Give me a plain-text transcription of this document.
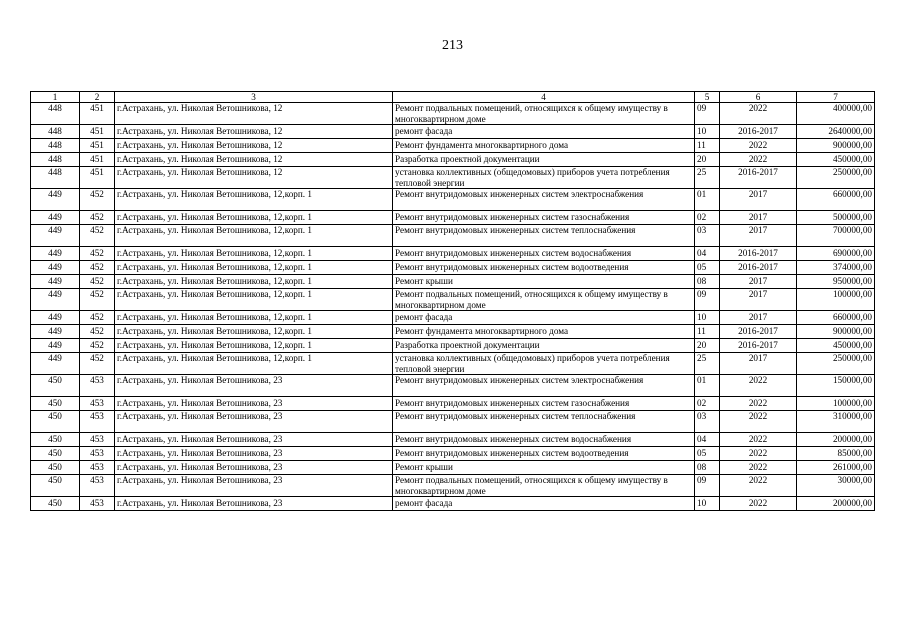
213
1	2	3	4	5	6	7
448	451	г.Астрахань, ул. Николая Ветошникова, 12	Ремонт подвальных помещений, относящихся к общему имуществу в многоквартирном доме	09	2022	400000,00
448	451	г.Астрахань, ул. Николая Ветошникова, 12	ремонт фасада	10	2016-2017	2640000,00
448	451	г.Астрахань, ул. Николая Ветошникова, 12	Ремонт фундамента многоквартирного дома	11	2022	900000,00
448	451	г.Астрахань, ул. Николая Ветошникова, 12	Разработка проектной документации	20	2022	450000,00
448	451	г.Астрахань, ул. Николая Ветошникова, 12	установка коллективных (общедомовых) приборов учета потребления тепловой энергии	25	2016-2017	250000,00
449	452	г.Астрахань, ул. Николая Ветошникова, 12,корп. 1	Ремонт внутридомовых инженерных систем электроснабжения	01	2017	660000,00
449	452	г.Астрахань, ул. Николая Ветошникова, 12,корп. 1	Ремонт внутридомовых инженерных систем газоснабжения	02	2017	500000,00
449	452	г.Астрахань, ул. Николая Ветошникова, 12,корп. 1	Ремонт внутридомовых инженерных систем теплоснабжения	03	2017	700000,00
449	452	г.Астрахань, ул. Николая Ветошникова, 12,корп. 1	Ремонт внутридомовых инженерных систем водоснабжения	04	2016-2017	690000,00
449	452	г.Астрахань, ул. Николая Ветошникова, 12,корп. 1	Ремонт внутридомовых инженерных систем водоотведения	05	2016-2017	374000,00
449	452	г.Астрахань, ул. Николая Ветошникова, 12,корп. 1	Ремонт крыши	08	2017	950000,00
449	452	г.Астрахань, ул. Николая Ветошникова, 12,корп. 1	Ремонт подвальных помещений, относящихся к общему имуществу в многоквартирном доме	09	2017	100000,00
449	452	г.Астрахань, ул. Николая Ветошникова, 12,корп. 1	ремонт фасада	10	2017	660000,00
449	452	г.Астрахань, ул. Николая Ветошникова, 12,корп. 1	Ремонт фундамента многоквартирного дома	11	2016-2017	900000,00
449	452	г.Астрахань, ул. Николая Ветошникова, 12,корп. 1	Разработка проектной документации	20	2016-2017	450000,00
449	452	г.Астрахань, ул. Николая Ветошникова, 12,корп. 1	установка коллективных (общедомовых) приборов учета потребления тепловой энергии	25	2017	250000,00
450	453	г.Астрахань, ул. Николая Ветошникова, 23	Ремонт внутридомовых инженерных систем электроснабжения	01	2022	150000,00
450	453	г.Астрахань, ул. Николая Ветошникова, 23	Ремонт внутридомовых инженерных систем газоснабжения	02	2022	100000,00
450	453	г.Астрахань, ул. Николая Ветошникова, 23	Ремонт внутридомовых инженерных систем теплоснабжения	03	2022	310000,00
450	453	г.Астрахань, ул. Николая Ветошникова, 23	Ремонт внутридомовых инженерных систем водоснабжения	04	2022	200000,00
450	453	г.Астрахань, ул. Николая Ветошникова, 23	Ремонт внутридомовых инженерных систем водоотведения	05	2022	85000,00
450	453	г.Астрахань, ул. Николая Ветошникова, 23	Ремонт крыши	08	2022	261000,00
450	453	г.Астрахань, ул. Николая Ветошникова, 23	Ремонт подвальных помещений, относящихся к общему имуществу в многоквартирном доме	09	2022	30000,00
450	453	г.Астрахань, ул. Николая Ветошникова, 23	ремонт фасада	10	2022	200000,00
